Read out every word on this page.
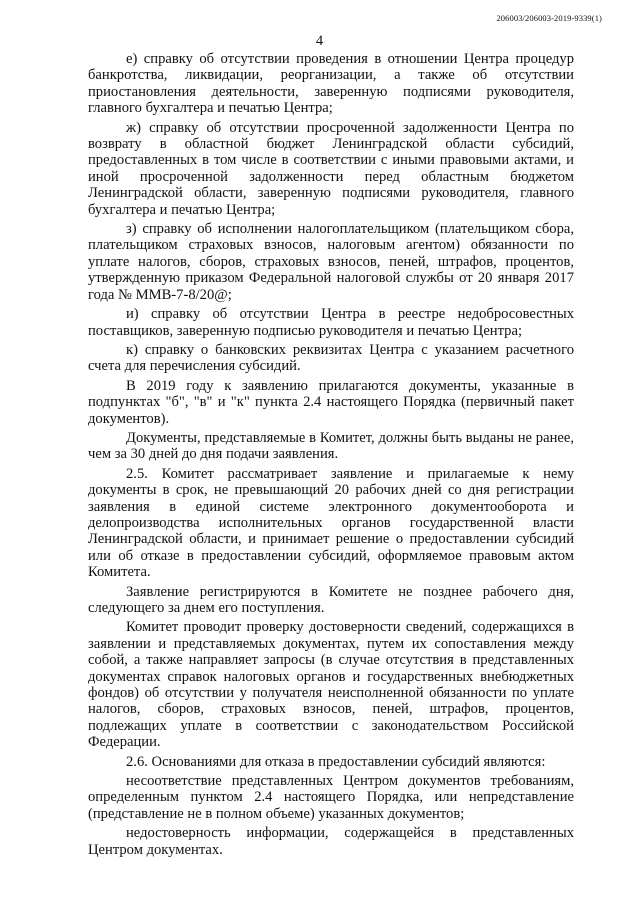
206003/206003-2019-9339(1)
4

е) справку об отсутствии проведения в отношении Центра процедур банкротства, ликвидации, реорганизации, а также об отсутствии приостановления деятельности, заверенную подписями руководителя, главного бухгалтера и печатью Центра;

ж) справку об отсутствии просроченной задолженности Центра по возврату в областной бюджет Ленинградской области субсидий, предоставленных в том числе в соответствии с иными правовыми актами, и иной просроченной задолженности перед областным бюджетом Ленинградской области, заверенную подписями руководителя, главного бухгалтера и печатью Центра;

з) справку об исполнении налогоплательщиком (плательщиком сбора, плательщиком страховых взносов, налоговым агентом) обязанности по уплате налогов, сборов, страховых взносов, пеней, штрафов, процентов, утвержденную приказом Федеральной налоговой службы от 20 января 2017 года № ММВ-7-8/20@;

и) справку об отсутствии Центра в реестре недобросовестных поставщиков, заверенную подписью руководителя и печатью Центра;

к) справку о банковских реквизитах Центра с указанием расчетного счета для перечисления субсидий.

В 2019 году к заявлению прилагаются документы, указанные в подпунктах "б", "в" и "к" пункта 2.4 настоящего Порядка (первичный пакет документов).

Документы, представляемые в Комитет, должны быть выданы не ранее, чем за 30 дней до дня подачи заявления.

2.5. Комитет рассматривает заявление и прилагаемые к нему документы в срок, не превышающий 20 рабочих дней со дня регистрации заявления в единой системе электронного документооборота и делопроизводства исполнительных органов государственной власти Ленинградской области, и принимает решение о предоставлении субсидий или об отказе в предоставлении субсидий, оформляемое правовым актом Комитета.

Заявление регистрируются в Комитете не позднее рабочего дня, следующего за днем его поступления.

Комитет проводит проверку достоверности сведений, содержащихся в заявлении и представляемых документах, путем их сопоставления между собой, а также направляет запросы (в случае отсутствия в представленных документах справок налоговых органов и государственных внебюджетных фондов) об отсутствии у получателя неисполненной обязанности по уплате налогов, сборов, страховых взносов, пеней, штрафов, процентов, подлежащих уплате в соответствии с законодательством Российской Федерации.

2.6. Основаниями для отказа в предоставлении субсидий являются:

несоответствие представленных Центром документов требованиям, определенным пунктом 2.4 настоящего Порядка, или непредставление (представление не в полном объеме) указанных документов;

недостоверность информации, содержащейся в представленных Центром документах.
